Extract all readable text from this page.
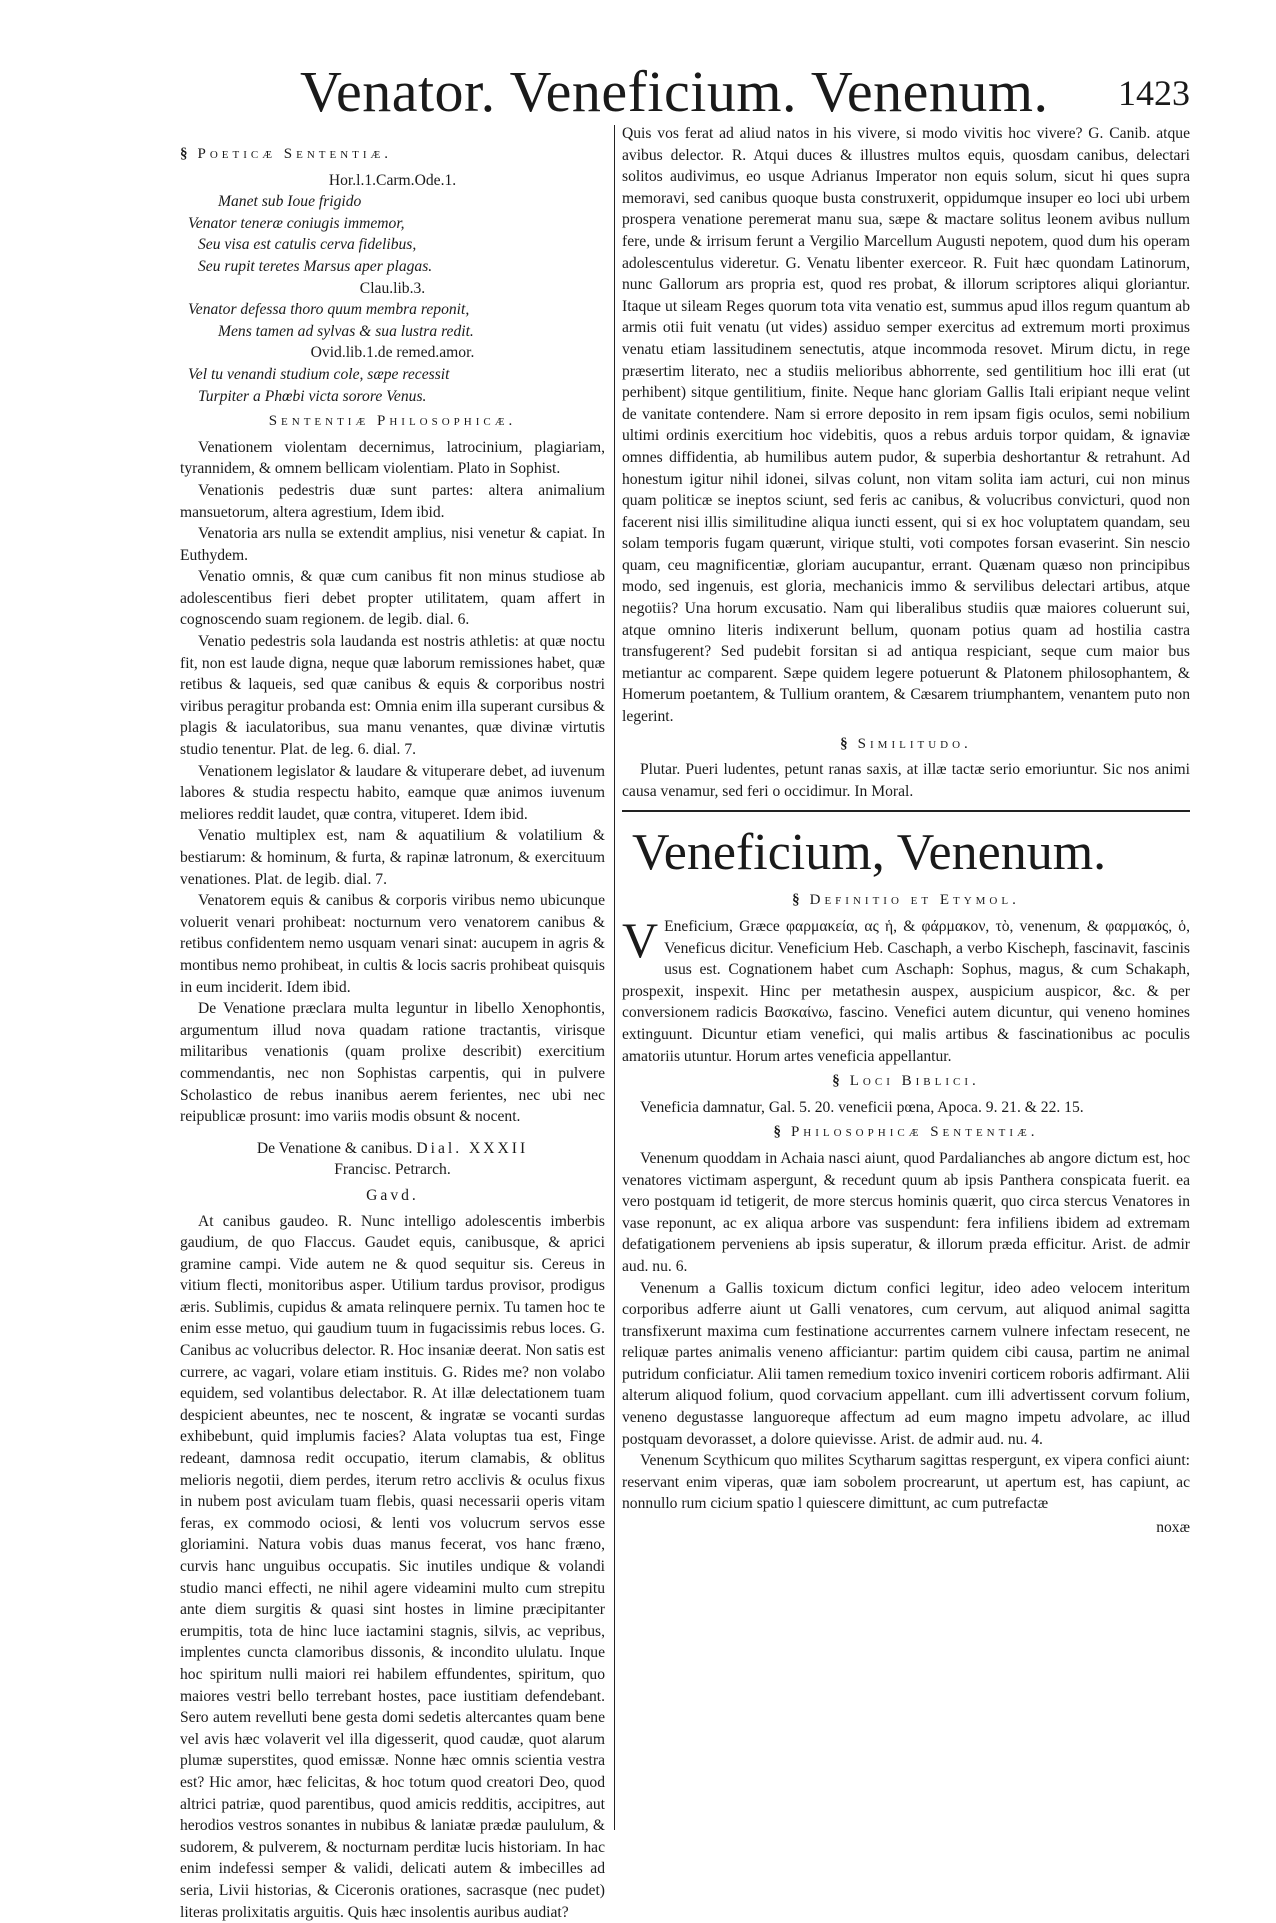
Venator. Veneficium. Venenum. 1423
§ Poeticæ Sententiæ.
Hor.l.1.Carm.Ode.1.
Manet sub Ioue frigido
Venator teneræ coniugis immemor,
Seu visa est catulis cerva fidelibus,
Seu rupit teretes Marsus aper plagas.
Clau.lib.3.
Venator defessa thoro quum membra reponit,
Mens tamen ad sylvas & sua lustra redit.
Ovid.lib.1.de remed.amor.
Vel tu venandi studium cole, sæpe recessit
Turpiter a Phœbi victa sorore Venus.
Sententiæ Philosophicæ.

Venationem violentam decernimus, latrocinium, plagiariam, tyrannidem, & omnem bellicam violentiam. Plato in Sophist.

Venationis pedestris duæ sunt partes: altera animalium mansuetorum, altera agrestium, Idem ibid.

Venatoria ars nulla se extendit amplius, nisi venetur & capiat. In Euthydem.

Venatio omnis, & quæ cum canibus fit non minus studiose ab adolescentibus fieri debet propter utilitatem, quam affert in cognoscendo suam regionem. de legib. dial. 6.

Venatio pedestris sola laudanda est nostris athletis: at quæ noctu fit, non est laude digna, neque quæ laborum remissiones habet, quæ retibus & laqueis, sed quæ canibus & equis & corporibus nostri viribus peragitur probanda est: Omnia enim illa superant cursibus & plagis & iaculatoribus, sua manu venantes, quæ divinæ virtutis studio tenentur. Plat. de leg. 6. dial. 7.

Venationem legislator & laudare & vituperare debet, ad iuvenum labores & studia respectu habito, eamque quæ animos iuvenum meliores reddit laudet, quæ contra, vituperet. Idem ibid.

Venatio multiplex est, nam & aquatilium & volatilium & bestiarum: & hominum, & furta, & rapinæ latronum, & exercituum venationes. Plat. de legib. dial. 7.

Venatorem equis & canibus & corporis viribus nemo ubicunque voluerit venari prohibeat: nocturnum vero venatorem canibus & retibus confidentem nemo usquam venari sinat: aucupem in agris & montibus nemo prohibeat, in cultis & locis sacris prohibeat quisquis in eum inciderit. Idem ibid.

De Venatione præclara multa leguntur in libello Xenophontis, argumentum illud nova quadam ratione tractantis, virisque militaribus venationis (quam prolixe describit) exercitium commendantis, nec non Sophistas carpentis, qui in pulvere Scholastico de rebus inanibus aerem ferientes, nec ubi nec reipublicæ prosunt: imo variis modis obsunt & nocent.

De Venatione & canibus. Dial. XXXII
Francisc. Petrarch.
Gavd.

At canibus gaudeo. R. Nunc intelligo adolescentis imberbis gaudium, de quo Flaccus. Gaudet equis, canibusque, & aprici gramine campi. Vide autem ne & quod sequitur sis. Cereus in vitium flecti, monitoribus asper. Utilium tardus provisor, prodigus æris. Sublimis, cupidus & amata relinquere pernix. Tu tamen hoc te enim esse metuo, qui gaudium tuum in fugacissimis rebus loces. G. Canibus ac volucribus delector. R. Hoc insaniæ deerat. Non satis est currere, ac vagari, volare etiam instituis. G. Rides me? non volabo equidem, sed volantibus delectabor. R. At illæ delectationem tuam despicient abeuntes, nec te noscent, & ingratæ se vocanti surdas exhibebunt, quid implumis facies? Alata voluptas tua est, Finge redeant, damnosa redit occupatio, iterum clamabis, & oblitus melioris negotii, diem perdes, iterum retro acclivis & oculus fixus in nubem post aviculam tuam flebis, quasi necessarii operis vitam feras, ex commodo ociosi, & lenti vos volucrum servos esse gloriamini. Natura vobis duas manus fecerat, vos hanc fræno, curvis hanc unguibus occupatis. Sic inutiles undique & volandi studio manci effecti, ne nihil agere videamini multo cum strepitu ante diem surgitis & quasi sint hostes in limine præcipitanter erumpitis, tota de hinc luce iactamini stagnis, silvis, ac vepribus, implentes cuncta clamoribus dissonis, & incondito ululatu. Inque hoc spiritum nulli maiori rei habilem effundentes, spiritum, quo maiores vestri bello terrebant hostes, pace iustitiam defendebant. Sero autem revelluti bene gesta domi sedetis altercantes quam bene vel avis hæc volaverit vel illa digesserit, quod caudæ, quot alarum plumæ superstites, quod emissæ. Nonne hæc omnis scientia vestra est? Hic amor, hæc felicitas, & hoc totum quod creatori Deo, quod altrici patriæ, quod parentibus, quod amicis redditis, accipitres, aut herodios vestros sonantes in nubibus & laniatæ prædæ paululum, & sudorem, & pulverem, & nocturnam perditæ lucis historiam. In hac enim indefessi semper & validi, delicati autem & imbecilles ad seria, Livii historias, & Ciceronis orationes, sacrasque (nec pudet) literas prolixitatis arguitis. Quis hæc insolentis auribus audiat?

Quis vos ferat ad aliud natos in his vivere, si modo vivitis hoc vivere? G. Canib. atque avibus delector. R. Atqui duces & illustres multos equis, quosdam canibus, delectari solitos audivimus, eo usque Adrianus Imperator non equis solum, sicut hi ques supra memoravi, sed canibus quoque busta construxerit, oppidumque insuper eo loci ubi urbem prospera venatione peremerat manu sua, sæpe & mactare solitus leonem avibus nullum fere, unde & irrisum ferunt a Vergilio Marcellum Augusti nepotem, quod dum his operam adolescentulus videretur. G. Venatu libenter exerceor. R. Fuit hæc quondam Latinorum, nunc Gallorum ars propria est, quod res probat, & illorum scriptores aliqui gloriantur. Itaque ut sileam Reges quorum tota vita venatio est, summus apud illos regum quantum ab armis otii fuit venatu (ut vides) assiduo semper exercitus ad extremum morti proximus venatu etiam lassitudinem senectutis, atque incommoda resovet. Mirum dictu, in rege præsertim literato, nec a studiis melioribus abhorrente, sed gentilitium hoc illi erat (ut perhibent) sitque gentilitium, finite. Neque hanc gloriam Gallis Itali eripiant neque velint de vanitate contendere. Nam si errore deposito in rem ipsam figis oculos, semi nobilium ultimi ordinis exercitium hoc videbitis, quos a rebus arduis torpor quidam, & ignaviæ omnes diffidentia, ab humilibus autem pudor, & superbia deshortantur & retrahunt. Ad honestum igitur nihil idonei, silvas colunt, non vitam solita iam acturi, cui non minus quam politicæ se ineptos sciunt, sed feris ac canibus, & volucribus convicturi, quod non facerent nisi illis similitudine aliqua iuncti essent, qui si ex hoc voluptatem quandam, seu solam temporis fugam quærunt, virique stulti, voti compotes forsan evaserint. Sin nescio quam, ceu magnificentiæ, gloriam aucupantur, errant. Quænam quæso non principibus modo, sed ingenuis, est gloria, mechanicis immo & servilibus delectari artibus, atque negotiis? Una horum excusatio. Nam qui liberalibus studiis quæ maiores coluerunt sui, atque omnino literis indixerunt bellum, quonam potius quam ad hostilia castra transfugerent? Sed pudebit forsitan si ad antiqua respiciant, seque cum maior bus metiantur ac comparent. Sæpe quidem legere potuerunt & Platonem philosophantem, & Homerum poetantem, & Tullium orantem, & Cæsarem triumphantem, venantem puto non legerint.

§ Similitudo.

Plutar. Pueri ludentes, petunt ranas saxis, at illæ tactæ serio emoriuntur. Sic nos animi causa venamur, sed feri o occidimur. In Moral.

Veneficium, Venenum.
§ Definitio et Etymol.
V Eneficium, Græce φαρμακεία, ας ἡ, & φάρμακον, τὸ, venenum, & φαρμακός, ὁ, Veneficus dicitur. Veneficium Heb. Caschaph, a verbo Kischeph, fascinavit, fascinis usus est. Cognationem habet cum Aschaph: Sophus, magus, & cum Schakaph, prospexit, inspexit. Hinc per metathesin auspex, auspicium auspicor, &c. & per conversionem radicis Βασκαίνω, fascino. Venefici autem dicuntur, qui veneno homines extinguunt. Dicuntur etiam venefici, qui malis artibus & fascinationibus ac poculis amatoriis utuntur. Horum artes veneficia appellantur.

§ Loci Biblici.

Veneficia damnatur, Gal. 5. 20. veneficii pœna, Apoca. 9. 21. & 22. 15.

§ Philosophicæ Sententiæ.

Venenum quoddam in Achaia nasci aiunt, quod Pardalianches ab angore dictum est, hoc venatores victimam aspergunt, & recedunt quum ab ipsis Panthera conspicata fuerit. ea vero postquam id tetigerit, de more stercus hominis quærit, quo circa stercus Venatores in vase reponunt, ac ex aliqua arbore vas suspendunt: fera infiliens ibidem ad extremam defatigationem perveniens ab ipsis superatur, & illorum præda efficitur. Arist. de admir aud. nu. 6.

Venenum a Gallis toxicum dictum confici legitur, ideo adeo velocem interitum corporibus adferre aiunt ut Galli venatores, cum cervum, aut aliquod animal sagitta transfixerunt maxima cum festinatione accurrentes carnem vulnere infectam resecent, ne reliquæ partes animalis veneno afficiantur: partim quidem cibi causa, partim ne animal putridum conficiatur. Alii tamen remedium toxico inveniri corticem roboris adfirmant. Alii alterum aliquod folium, quod corvacium appellant. cum illi advertissent corvum folium, veneno degustasse languoreque affectum ad eum magno impetu advolare, ac illud postquam devorasset, a dolore quievisse. Arist. de admir aud. nu. 4.

Venenum Scythicum quo milites Scytharum sagittas respergunt, ex vipera confici aiunt: reservant enim viperas, quæ iam sobolem procrearunt, ut apertum est, has capiunt, ac nonnullo rum cicium spatio l quiescere dimittunt, ac cum putrefactæ

noxæ
